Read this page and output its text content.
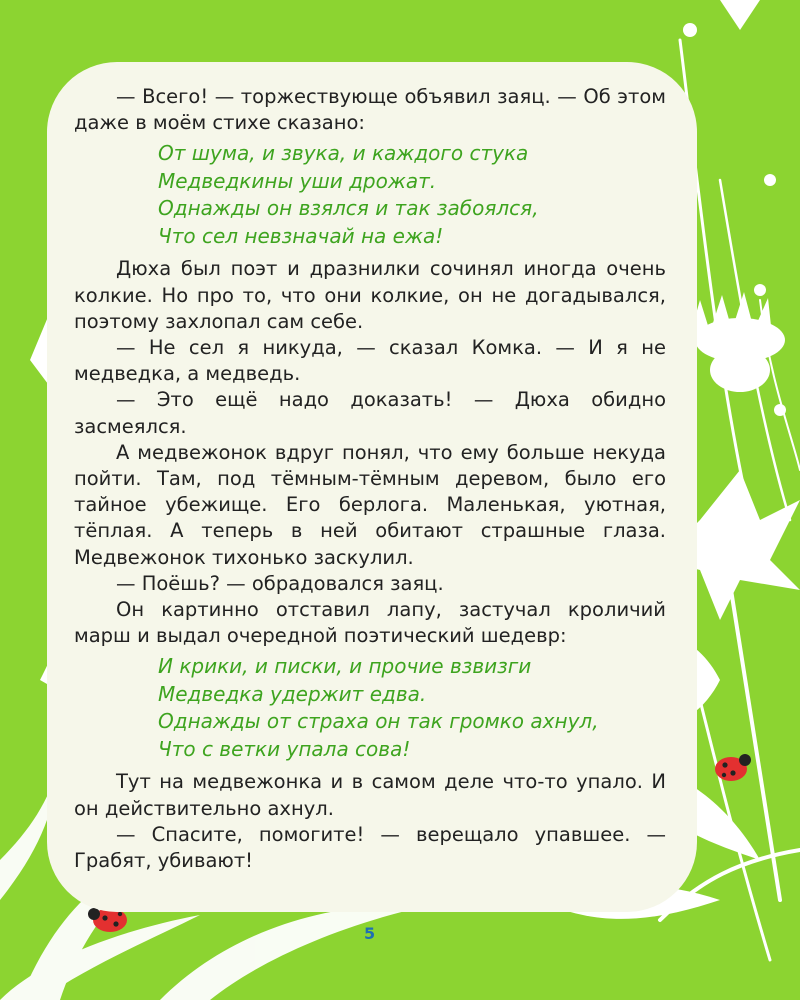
— Всего! — торжествующе объявил заяц. — Об этом даже в моём стихе сказано:

От шума, и звука, и каждого стука
Медведкины уши дрожат.
Однажды он взялся и так забоялся,
Что сел невзначай на ежа!

Дюха был поэт и дразнилки сочинял иногда очень колкие. Но про то, что они колкие, он не догадывался, поэтому захлопал сам себе.

— Не сел я никуда, — сказал Комка. — И я не медведка, а медведь.

— Это ещё надо доказать! — Дюха обидно засмеялся.

А медвежонок вдруг понял, что ему больше некуда пойти. Там, под тёмным-тёмным деревом, было его тайное убежище. Его берлога. Маленькая, уютная, тёплая. А теперь в ней обитают страшные глаза. Медвежонок тихонько заскулил.

— Поёшь? — обрадовался заяц.

Он картинно отставил лапу, застучал кроличий марш и выдал очередной поэтический шедевр:

И крики, и писки, и прочие взвизги
Медведка удержит едва.
Однажды от страха он так громко ахнул,
Что с ветки упала сова!

Тут на медвежонка и в самом деле что-то упало. И он действительно ахнул.

— Спасите, помогите! — верещало упавшее. — Грабят, убивают!

5
